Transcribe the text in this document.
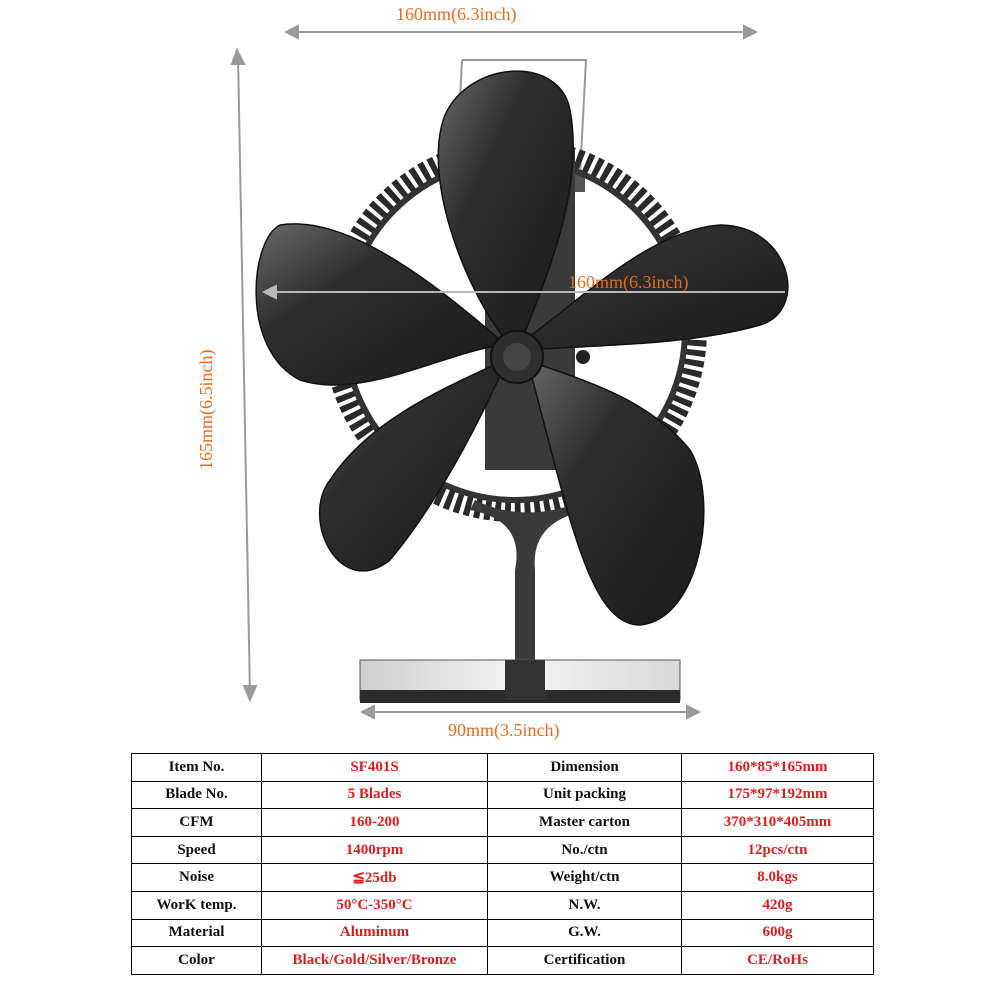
160mm(6.3inch)
160mm(6.3inch)
165mm(6.5inch)
90mm(3.5inch)
Item No.	SF401S	Dimension	160*85*165mm
Blade No.	5 Blades	Unit packing	175*97*192mm
CFM	160-200	Master carton	370*310*405mm
Speed	1400rpm	No./ctn	12pcs/ctn
Noise	≦25db	Weight/ctn	8.0kgs
WorK temp.	50°C-350°C	N.W.	420g
Material	Aluminum	G.W.	600g
Color	Black/Gold/Silver/Bronze	Certification	CE/RoHs
